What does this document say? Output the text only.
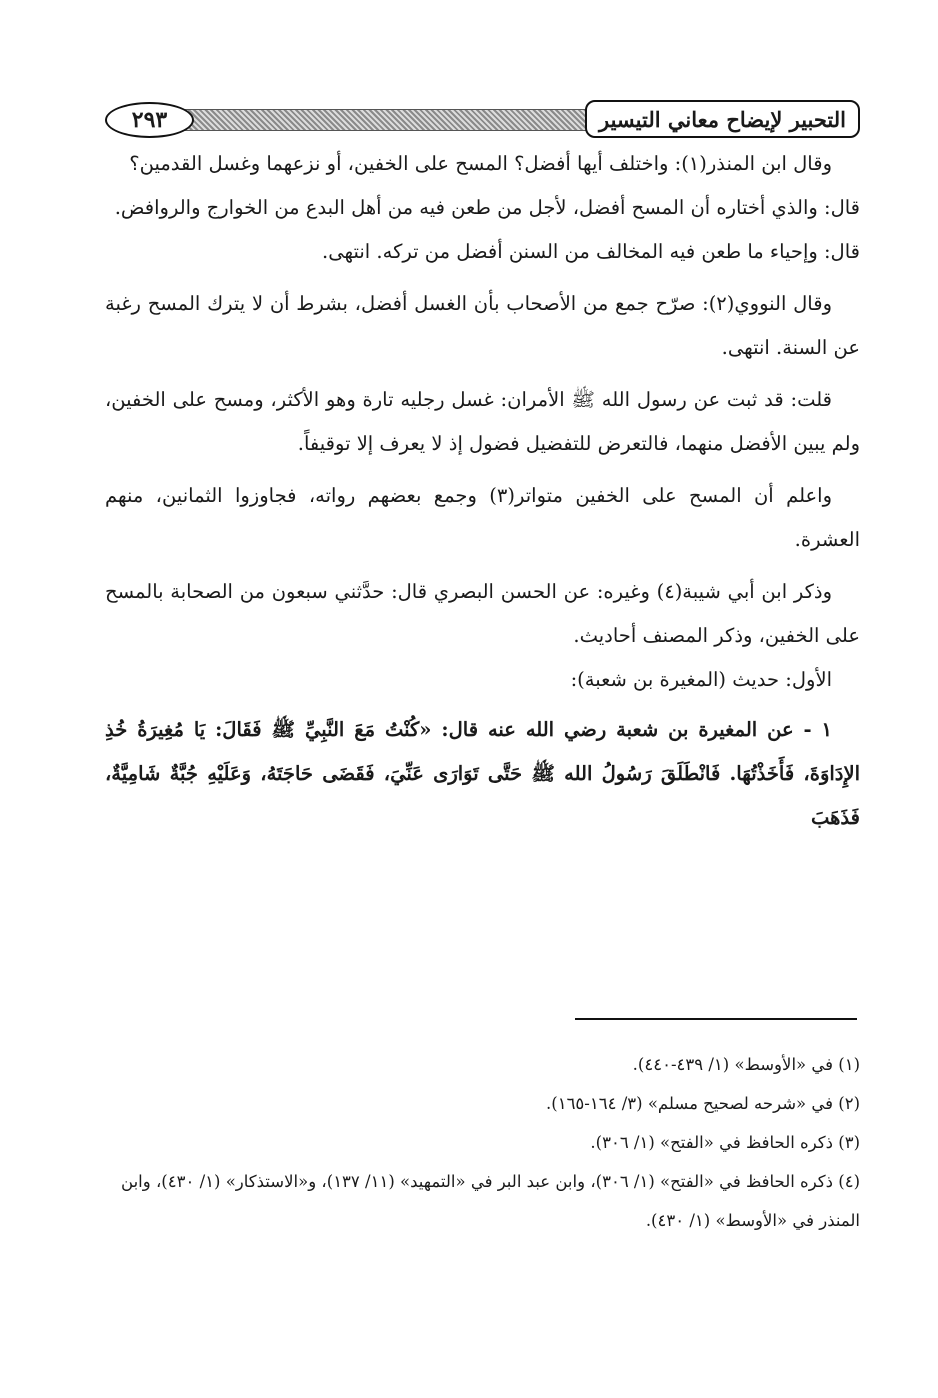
٢٩٣	التحبير لإيضاح معاني التيسير

وقال ابن المنذر(١): واختلف أيها أفضل؟ المسح على الخفين، أو نزعهما وغسل القدمين؟

قال: والذي أختاره أن المسح أفضل، لأجل من طعن فيه من أهل البدع من الخوارج والروافض.

قال: وإحياء ما طعن فيه المخالف من السنن أفضل من تركه. انتهى.

وقال النووي(٢): صرّح جمع من الأصحاب بأن الغسل أفضل، بشرط أن لا يترك المسح رغبة عن السنة. انتهى.

قلت: قد ثبت عن رسول الله ﷺ الأمران: غسل رجليه تارة وهو الأكثر، ومسح على الخفين، ولم يبين الأفضل منهما، فالتعرض للتفضيل فضول إذ لا يعرف إلا توقيفاً.

واعلم أن المسح على الخفين متواتر(٣) وجمع بعضهم رواته، فجاوزوا الثمانين، منهم العشرة.

وذكر ابن أبي شيبة(٤) وغيره: عن الحسن البصري قال: حدَّثني سبعون من الصحابة بالمسح على الخفين، وذكر المصنف أحاديث.

الأول: حديث (المغيرة بن شعبة):

١ - عن المغيرة بن شعبة رضي الله عنه قال: «كُنْتُ مَعَ النَّبِيِّ ﷺ فَقَالَ: يَا مُغِيرَةُ خُذِ الإِدَاوَةَ، فَأَخَذْتُهَا. فَانْطَلَقَ رَسُولُ الله ﷺ حَتَّى تَوَارَى عَنِّيَ، فَقَضَى حَاجَتَهُ، وَعَلَيْهِ جُبَّةٌ شَامِيَّةٌ، فَذَهَبَ

(١) في «الأوسط» (١/ ٤٣٩-٤٤٠).

(٢) في «شرحه لصحيح مسلم» (٣/ ١٦٤-١٦٥).

(٣) ذكره الحافظ في «الفتح» (١/ ٣٠٦).

(٤) ذكره الحافظ في «الفتح» (١/ ٣٠٦)، وابن عبد البر في «التمهيد» (١١/ ١٣٧)، و«الاستذكار» (١/ ٤٣٠)، وابن المنذر في «الأوسط» (١/ ٤٣٠).
